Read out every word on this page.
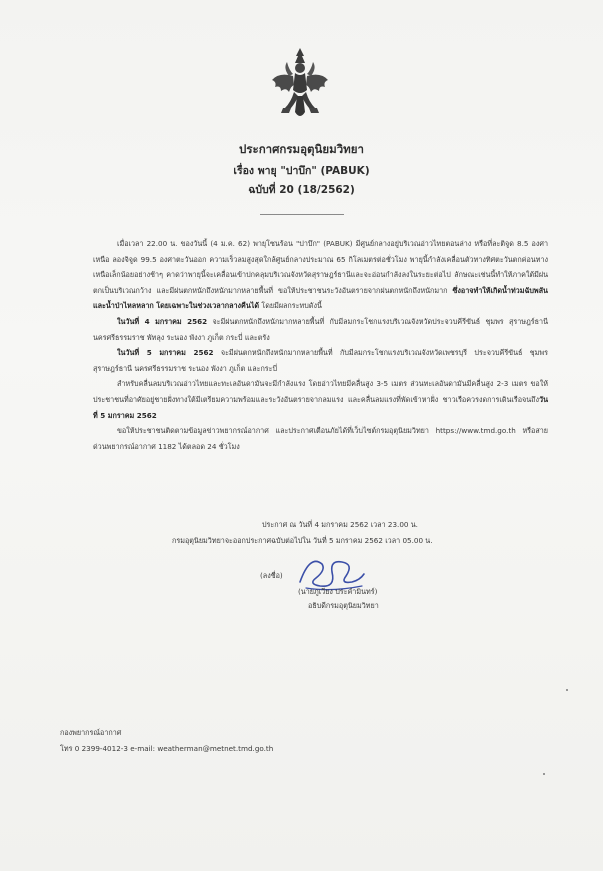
ประกาศกรมอุตุนิยมวิทยา
เรื่อง พายุ "ปาบึก" (PABUK)
ฉบับที่ 20 (18/2562)

เมื่อเวลา 22.00 น. ของวันนี้ (4 ม.ค. 62) พายุโซนร้อน "ปาบึก" (PABUK) มีศูนย์กลางอยู่บริเวณอ่าวไทยตอนล่าง หรือที่ละติจูด 8.5 องศาเหนือ ลองจิจูด 99.5 องศาตะวันออก ความเร็วลมสูงสุดใกล้ศูนย์กลางประมาณ 65 กิโลเมตรต่อชั่วโมง พายุนี้กำลังเคลื่อนตัวทางทิศตะวันตกค่อนทางเหนือเล็กน้อยอย่างช้าๆ คาดว่าพายุนี้จะเคลื่อนเข้าปกคลุมบริเวณจังหวัดสุราษฎร์ธานีและจะอ่อนกำลังลงในระยะต่อไป ลักษณะเช่นนี้ทำให้ภาคใต้มีฝนตกเป็นบริเวณกว้าง และมีฝนตกหนักถึงหนักมากหลายพื้นที่ ขอให้ประชาชนระวังอันตรายจากฝนตกหนักถึงหนักมาก ซึ่งอาจทำให้เกิดน้ำท่วมฉับพลันและน้ำป่าไหลหลาก โดยเฉพาะในช่วงเวลากลางคืนได้ โดยมีผลกระทบดังนี้

ในวันที่ 4 มกราคม 2562 จะมีฝนตกหนักถึงหนักมากหลายพื้นที่ กับมีลมกระโชกแรงบริเวณจังหวัดประจวบคีรีขันธ์ ชุมพร สุราษฎร์ธานี นครศรีธรรมราช พัทลุง ระนอง พังงา ภูเก็ต กระบี่ และตรัง

ในวันที่ 5 มกราคม 2562 จะมีฝนตกหนักถึงหนักมากหลายพื้นที่ กับมีลมกระโชกแรงบริเวณจังหวัดเพชรบุรี ประจวบคีรีขันธ์ ชุมพร สุราษฎร์ธานี นครศรีธรรมราช ระนอง พังงา ภูเก็ต และกระบี่

สำหรับคลื่นลมบริเวณอ่าวไทยและทะเลอันดามันจะมีกำลังแรง โดยอ่าวไทยมีคลื่นสูง 3-5 เมตร ส่วนทะเลอันดามันมีคลื่นสูง 2-3 เมตร ขอให้ประชาชนที่อาศัยอยู่ชายฝั่งทางใต้มีเตรียมความพร้อมและระวังอันตรายจากลมแรง และคลื่นลมแรงที่พัดเข้าหาฝั่ง ชาวเรือควรงดการเดินเรือจนถึงวันที่ 5 มกราคม 2562

ขอให้ประชาชนติดตามข้อมูลข่าวพยากรณ์อากาศ และประกาศเตือนภัยได้ที่เว็บไซต์กรมอุตุนิยมวิทยา https://www.tmd.go.th หรือสายด่วนพยากรณ์อากาศ 1182 ได้ตลอด 24 ชั่วโมง

ประกาศ ณ วันที่ 4 มกราคม 2562 เวลา 23.00 น.
กรมอุตุนิยมวิทยาจะออกประกาศฉบับต่อไปใน วันที่ 5 มกราคม 2562 เวลา 05.00 น.
(ลงชื่อ)
(นายภูเวียง ประคำมินทร์)
อธิบดีกรมอุตุนิยมวิทยา
กองพยากรณ์อากาศ
โทร 0 2399-4012-3 e-mail: weatherman@metnet.tmd.go.th
